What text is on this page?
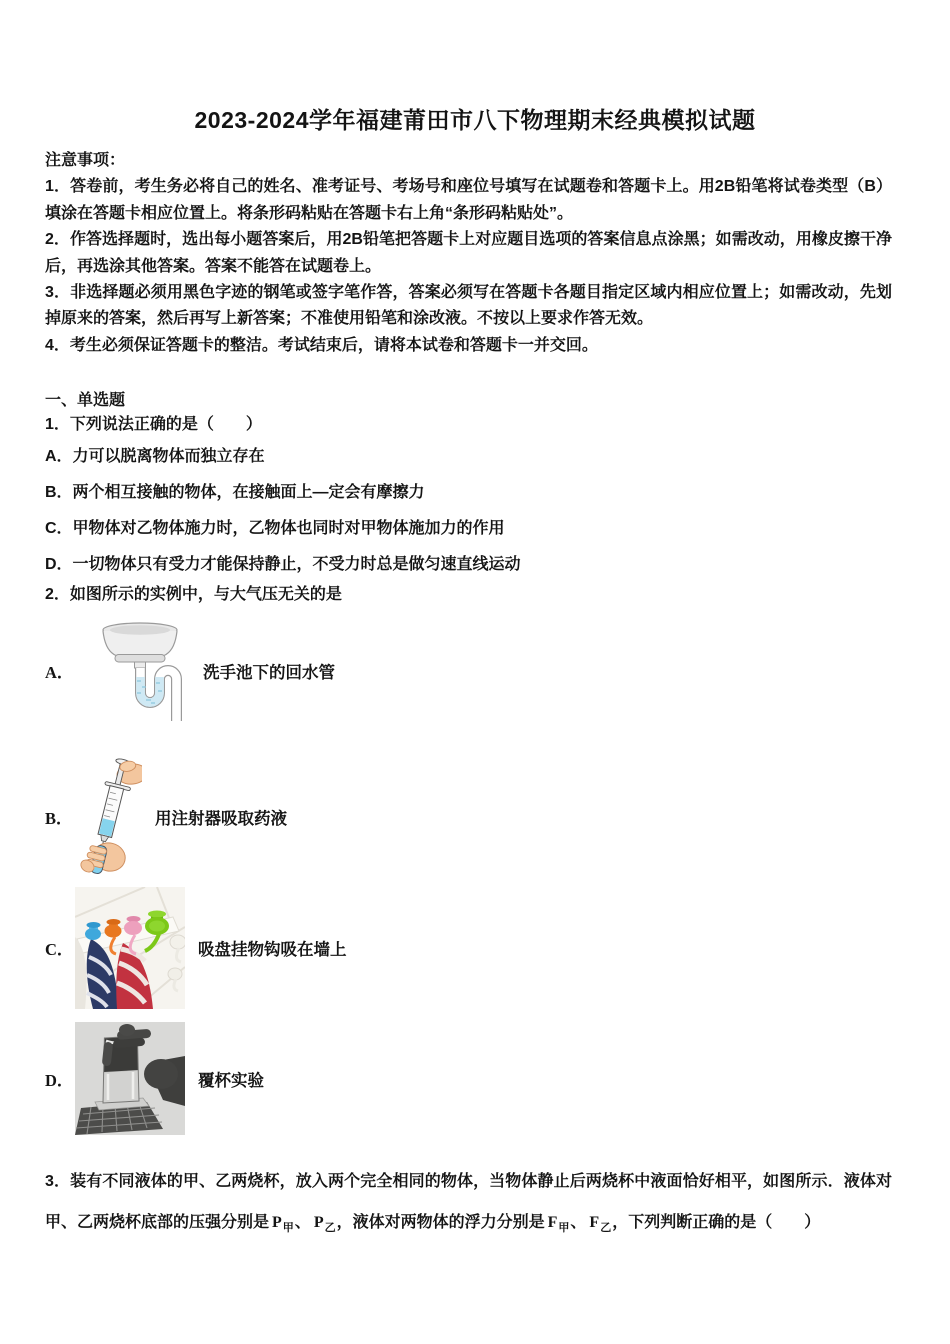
2023-2024学年福建莆田市八下物理期末经典模拟试题

注意事项：

1．答卷前，考生务必将自己的姓名、准考证号、考场号和座位号填写在试题卷和答题卡上。用2B铅笔将试卷类型（B）填涂在答题卡相应位置上。将条形码粘贴在答题卡右上角“条形码粘贴处”。

2．作答选择题时，选出每小题答案后，用2B铅笔把答题卡上对应题目选项的答案信息点涂黑；如需改动，用橡皮擦干净后，再选涂其他答案。答案不能答在试题卷上。

3．非选择题必须用黑色字迹的钢笔或签字笔作答，答案必须写在答题卡各题目指定区域内相应位置上；如需改动，先划掉原来的答案，然后再写上新答案；不准使用铅笔和涂改液。不按以上要求作答无效。

4．考生必须保证答题卡的整洁。考试结束后，请将本试卷和答题卡一并交回。

一、单选题

1．下列说法正确的是（　　）

A．力可以脱离物体而独立存在

B．两个相互接触的物体，在接触面上—定会有摩擦力

C．甲物体对乙物体施力时，乙物体也同时对甲物体施加力的作用

D．一切物体只有受力才能保持静止，不受力时总是做匀速直线运动

2．如图所示的实例中，与大气压无关的是

A．	洗手池下的回水管
B．	用注射器吸取药液
C．	吸盘挂物钩吸在墙上
D．	覆杯实验

3．装有不同液体的甲、乙两烧杯，放入两个完全相同的物体，当物体静止后两烧杯中液面恰好相平，如图所示．液体对甲、乙两烧杯底部的压强分别是 $P_甲$、 $P_乙$，液体对两物体的浮力分别是 $F_甲$、 $F_乙$，下列判断正确的是（　　）
